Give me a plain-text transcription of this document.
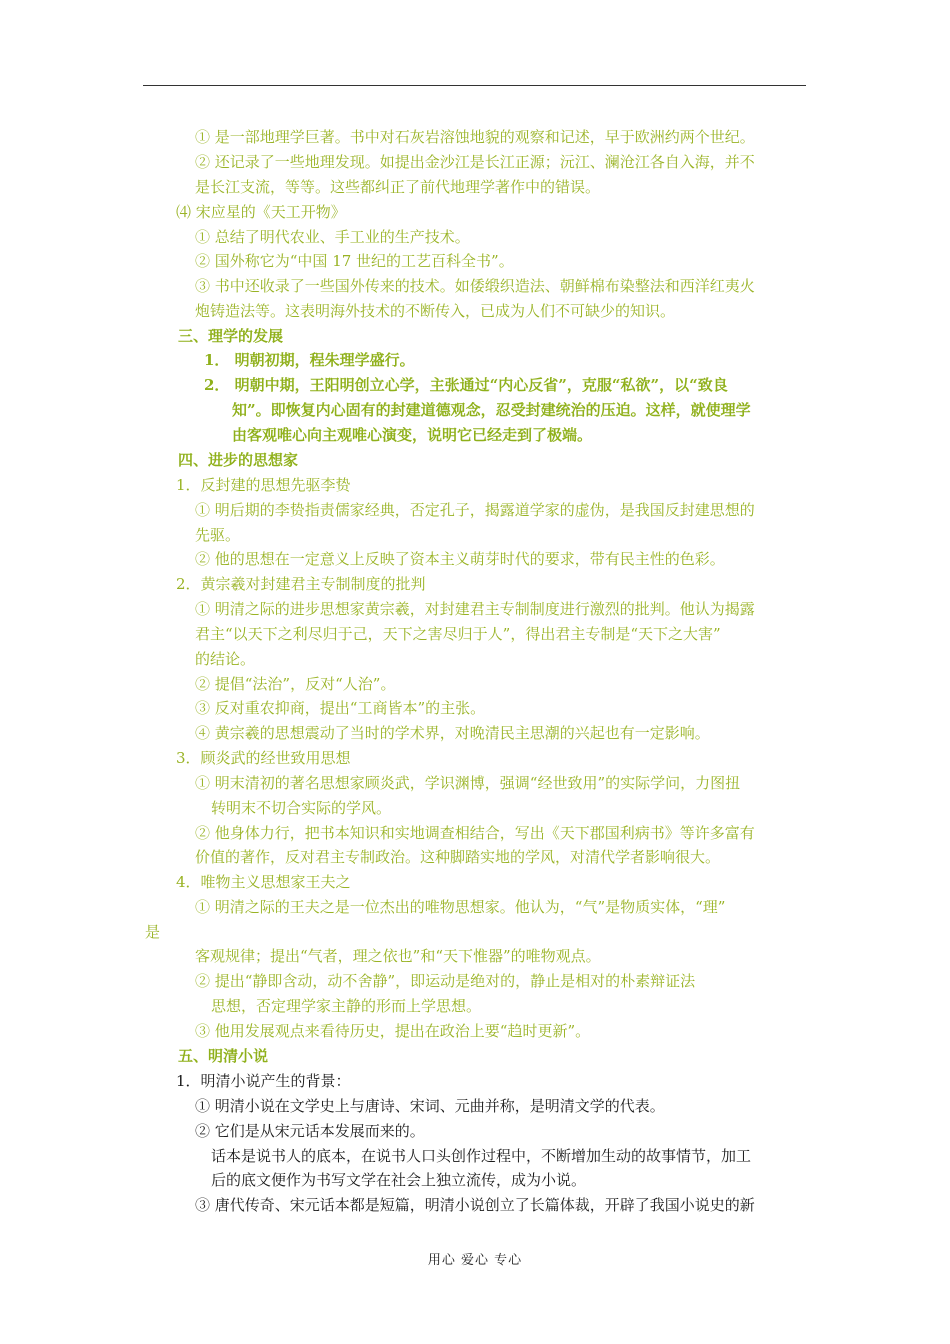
① 是一部地理学巨著。书中对石灰岩溶蚀地貌的观察和记述，早于欧洲约两个世纪。
② 还记录了一些地理发现。如提出金沙江是长江正源；沅江、澜沧江各自入海，并不
是长江支流，等等。这些都纠正了前代地理学著作中的错误。
⑷ 宋应星的《天工开物》
① 总结了明代农业、手工业的生产技术。
② 国外称它为“中国 17 世纪的工艺百科全书”。
③ 书中还收录了一些国外传来的技术。如倭缎织造法、朝鲜棉布染整法和西洋红夷火
炮铸造法等。这表明海外技术的不断传入，已成为人们不可缺少的知识。
三、理学的发展
1． 明朝初期，程朱理学盛行。
2． 明朝中期，王阳明创立心学，主张通过“内心反省”，克服“私欲”，以“致良
知”。即恢复内心固有的封建道德观念，忍受封建统治的压迫。这样，就使理学
由客观唯心向主观唯心演变，说明它已经走到了极端。
四、进步的思想家
1．反封建的思想先驱李贽
① 明后期的李贽指责儒家经典，否定孔子，揭露道学家的虚伪，是我国反封建思想的
先驱。
② 他的思想在一定意义上反映了资本主义萌芽时代的要求，带有民主性的色彩。
2．黄宗羲对封建君主专制制度的批判
① 明清之际的进步思想家黄宗羲，对封建君主专制制度进行激烈的批判。他认为揭露
君主“以天下之利尽归于己，天下之害尽归于人”，得出君主专制是“天下之大害”
的结论。
② 提倡“法治”，反对“人治”。
③ 反对重农抑商，提出“工商皆本”的主张。
④ 黄宗羲的思想震动了当时的学术界，对晚清民主思潮的兴起也有一定影响。
3．顾炎武的经世致用思想
① 明末清初的著名思想家顾炎武，学识渊博，强调“经世致用”的实际学问，力图扭
转明末不切合实际的学风。
② 他身体力行，把书本知识和实地调查相结合，写出《天下郡国利病书》等许多富有
价值的著作，反对君主专制政治。这种脚踏实地的学风，对清代学者影响很大。
4．唯物主义思想家王夫之
① 明清之际的王夫之是一位杰出的唯物思想家。他认为，“气”是物质实体，“理”
是
客观规律；提出“气者，理之依也”和“天下惟器”的唯物观点。
② 提出“静即含动，动不舍静”，即运动是绝对的，静止是相对的朴素辩证法
思想，否定理学家主静的形而上学思想。
③ 他用发展观点来看待历史，提出在政治上要“趋时更新”。
五、明清小说
1．明清小说产生的背景：
① 明清小说在文学史上与唐诗、宋词、元曲并称，是明清文学的代表。
② 它们是从宋元话本发展而来的。
话本是说书人的底本，在说书人口头创作过程中，不断增加生动的故事情节，加工
后的底文便作为书写文学在社会上独立流传，成为小说。
③ 唐代传奇、宋元话本都是短篇，明清小说创立了长篇体裁，开辟了我国小说史的新
用心 爱心 专心
